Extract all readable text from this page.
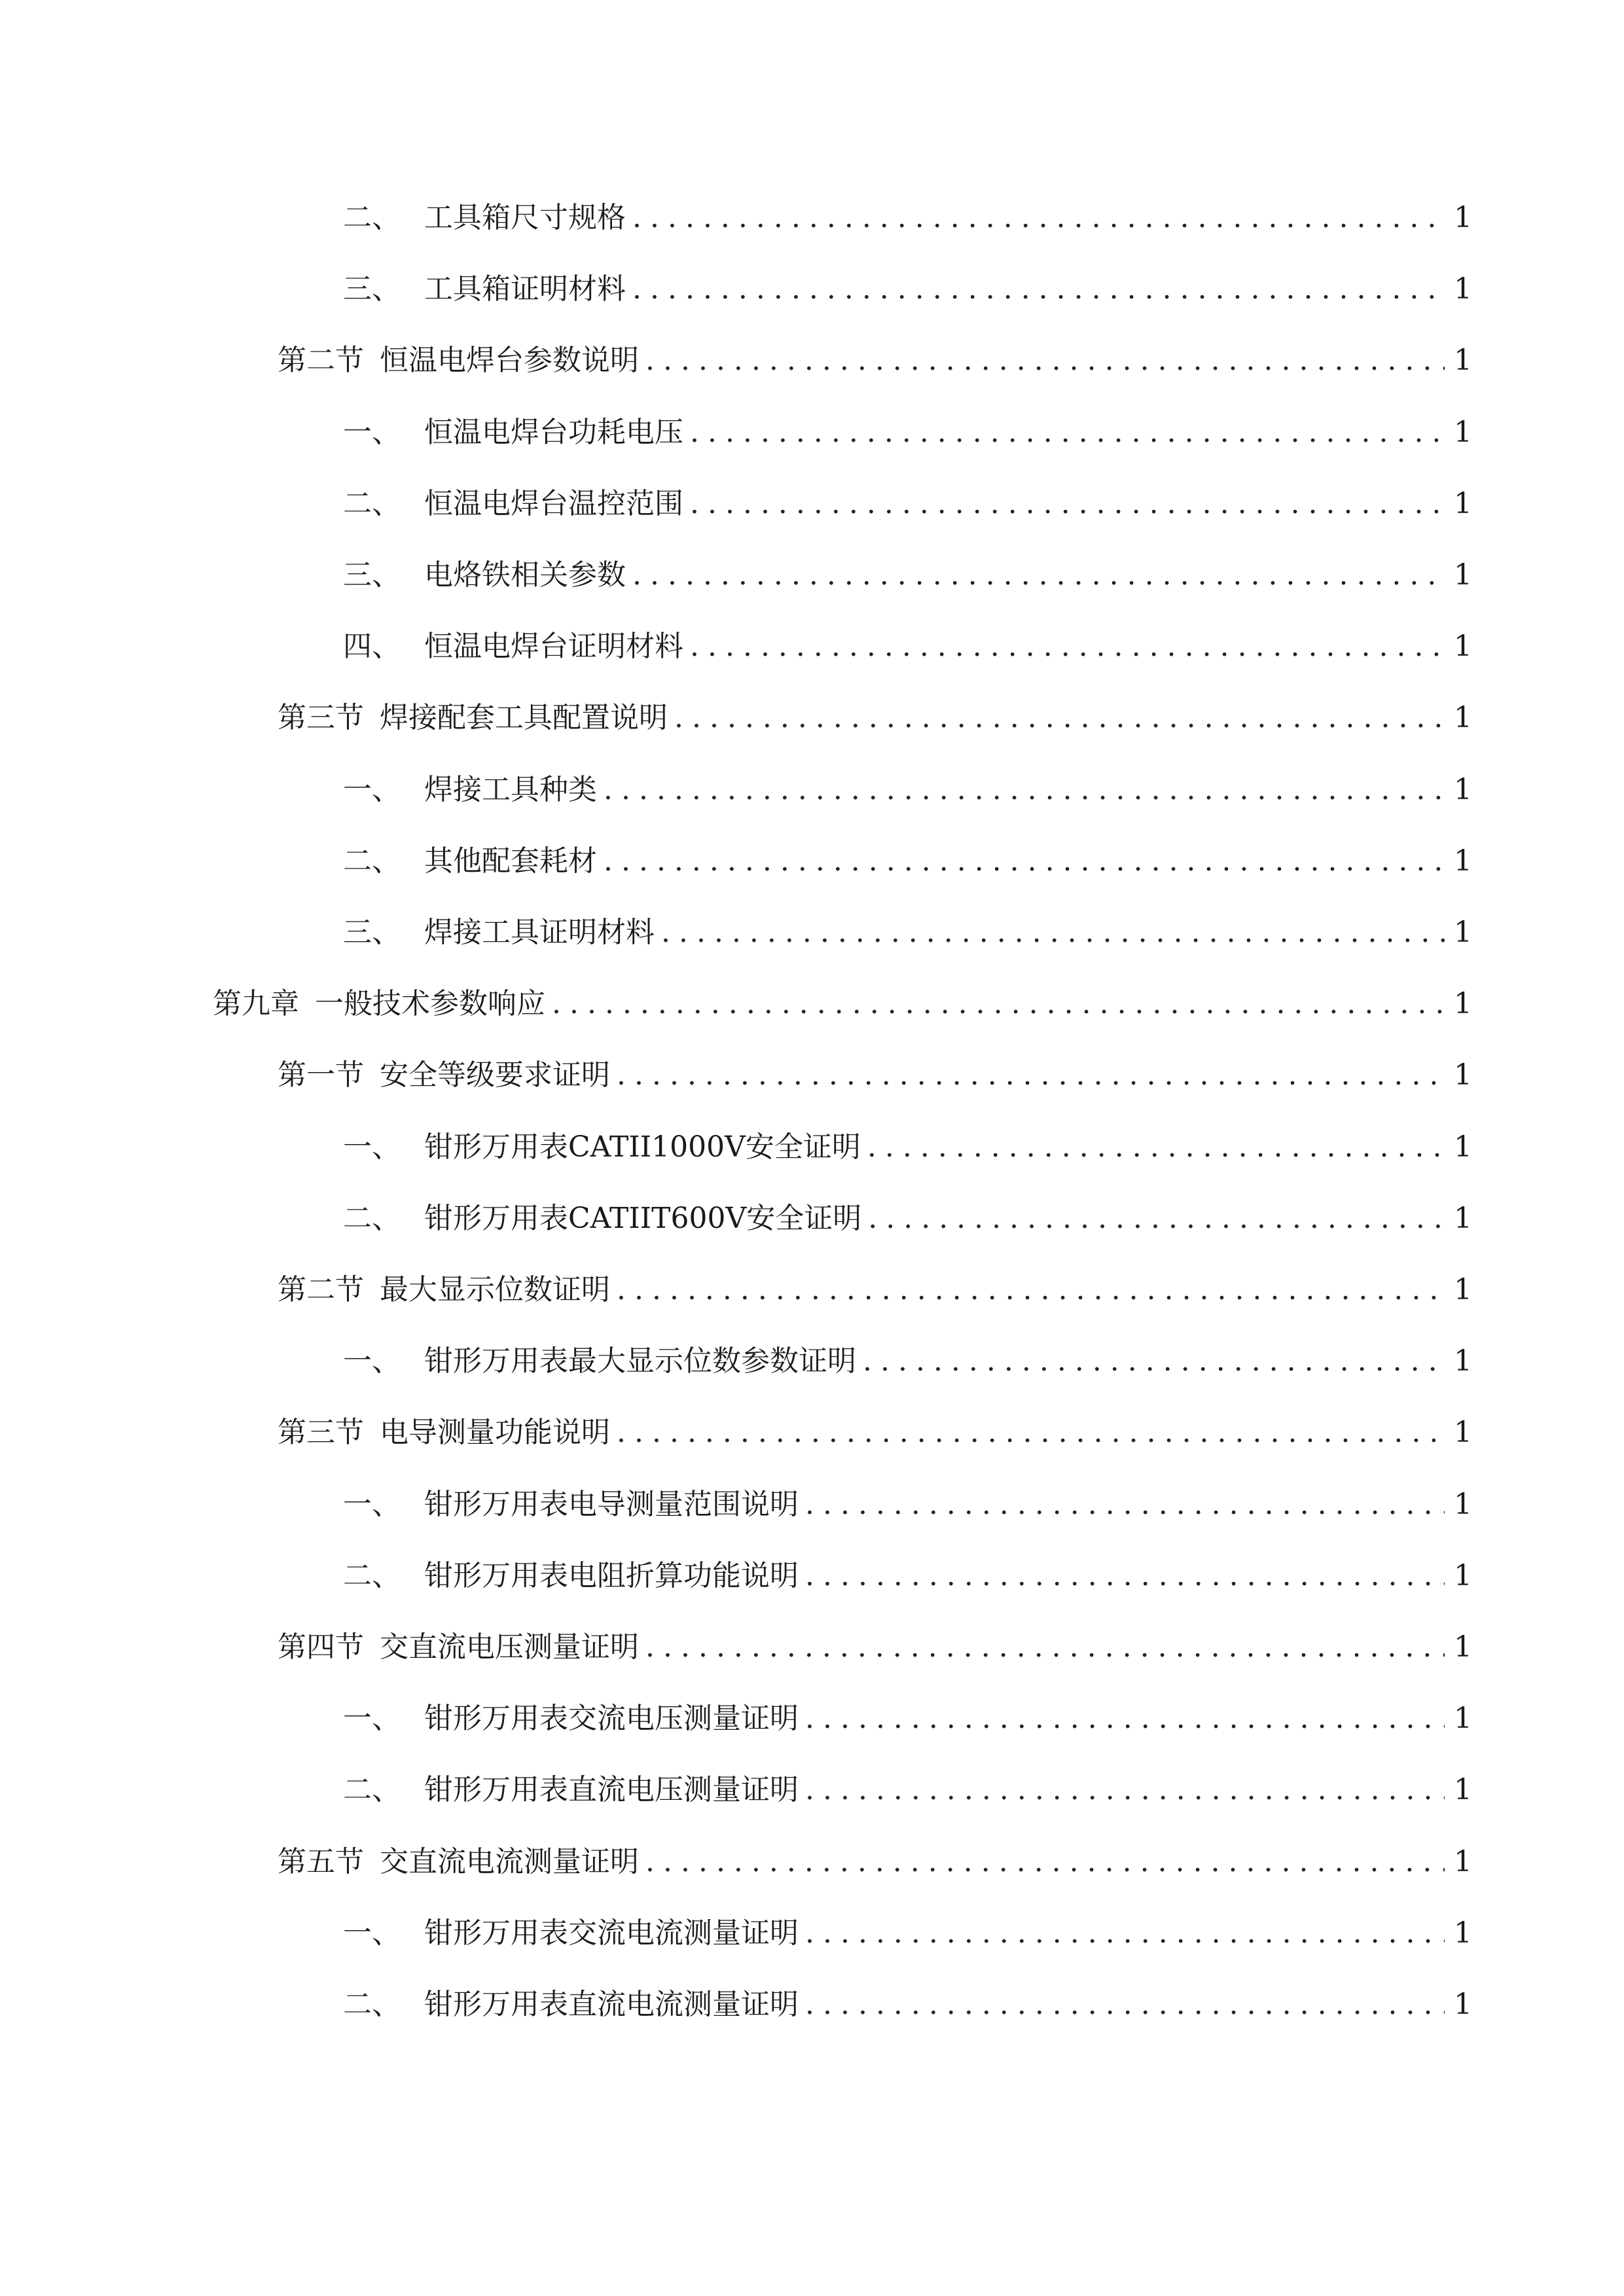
二、 工具箱尺寸规格 .....	1
三、 工具箱证明材料 .....	1
第二节 恒温电焊台参数说明 .....	1
一、 恒温电焊台功耗电压 .....	1
二、 恒温电焊台温控范围 .....	1
三、 电烙铁相关参数 .....	1
四、 恒温电焊台证明材料 .....	1
第三节 焊接配套工具配置说明 .....	1
一、 焊接工具种类 .....	1
二、 其他配套耗材 .....	1
三、 焊接工具证明材料 .....	1
第九章 一般技术参数响应 .....	1
第一节 安全等级要求证明 .....	1
一、 钳形万用表CATII1000V安全证明 .....	1
二、 钳形万用表CATIIT600V安全证明 .....	1
第二节 最大显示位数证明 .....	1
一、 钳形万用表最大显示位数参数证明 .....	1
第三节 电导测量功能说明 .....	1
一、 钳形万用表电导测量范围说明 .....	1
二、 钳形万用表电阻折算功能说明 .....	1
第四节 交直流电压测量证明 .....	1
一、 钳形万用表交流电压测量证明 .....	1
二、 钳形万用表直流电压测量证明 .....	1
第五节 交直流电流测量证明 .....	1
一、 钳形万用表交流电流测量证明 .....	1
二、 钳形万用表直流电流测量证明 .....	1
